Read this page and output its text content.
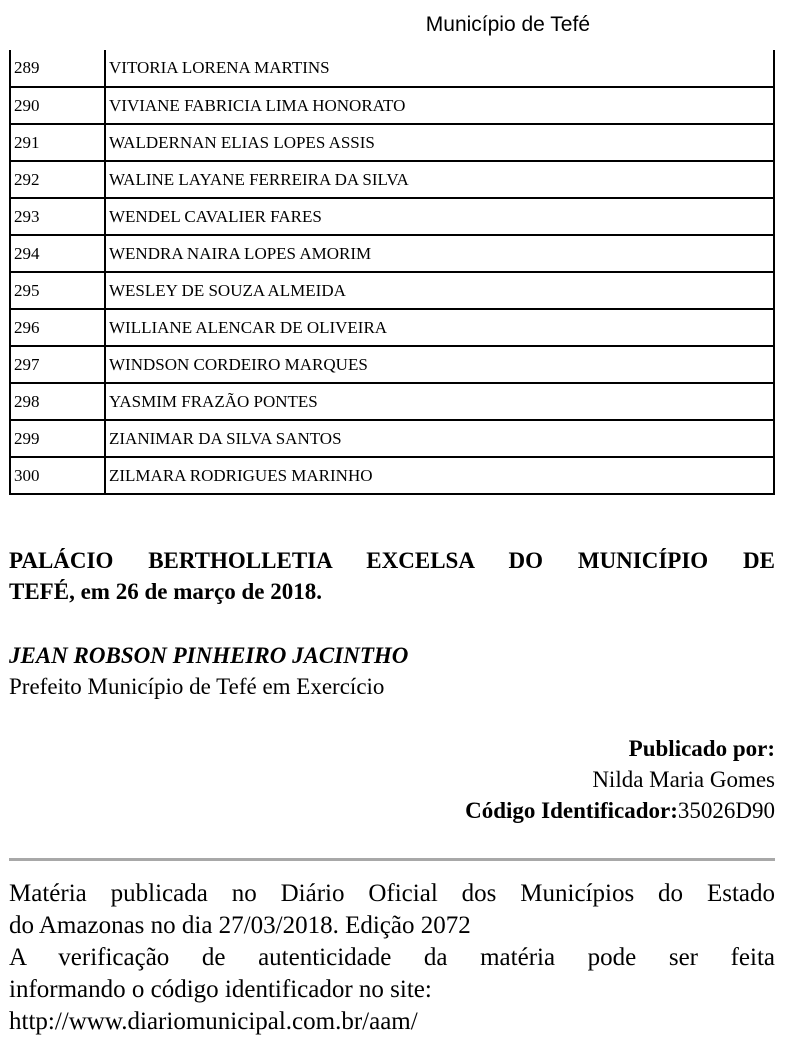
Município de Tefé
289	VITORIA LORENA MARTINS
290	VIVIANE FABRICIA LIMA HONORATO
291	WALDERNAN ELIAS LOPES ASSIS
292	WALINE LAYANE FERREIRA DA SILVA
293	WENDEL CAVALIER FARES
294	WENDRA NAIRA LOPES AMORIM
295	WESLEY DE SOUZA ALMEIDA
296	WILLIANE ALENCAR DE OLIVEIRA
297	WINDSON CORDEIRO MARQUES
298	YASMIM FRAZÃO PONTES
299	ZIANIMAR DA SILVA SANTOS
300	ZILMARA RODRIGUES MARINHO
PALÁCIO BERTHOLLETIA EXCELSA DO MUNICÍPIO DE
TEFÉ, em 26 de março de 2018.
JEAN ROBSON PINHEIRO JACINTHO
Prefeito Município de Tefé em Exercício
Publicado por:
Nilda Maria Gomes
Código Identificador:35026D90
Matéria publicada no Diário Oficial dos Municípios do Estado
do Amazonas no dia 27/03/2018. Edição 2072
A verificação de autenticidade da matéria pode ser feita
informando o código identificador no site:
http://www.diariomunicipal.com.br/aam/
